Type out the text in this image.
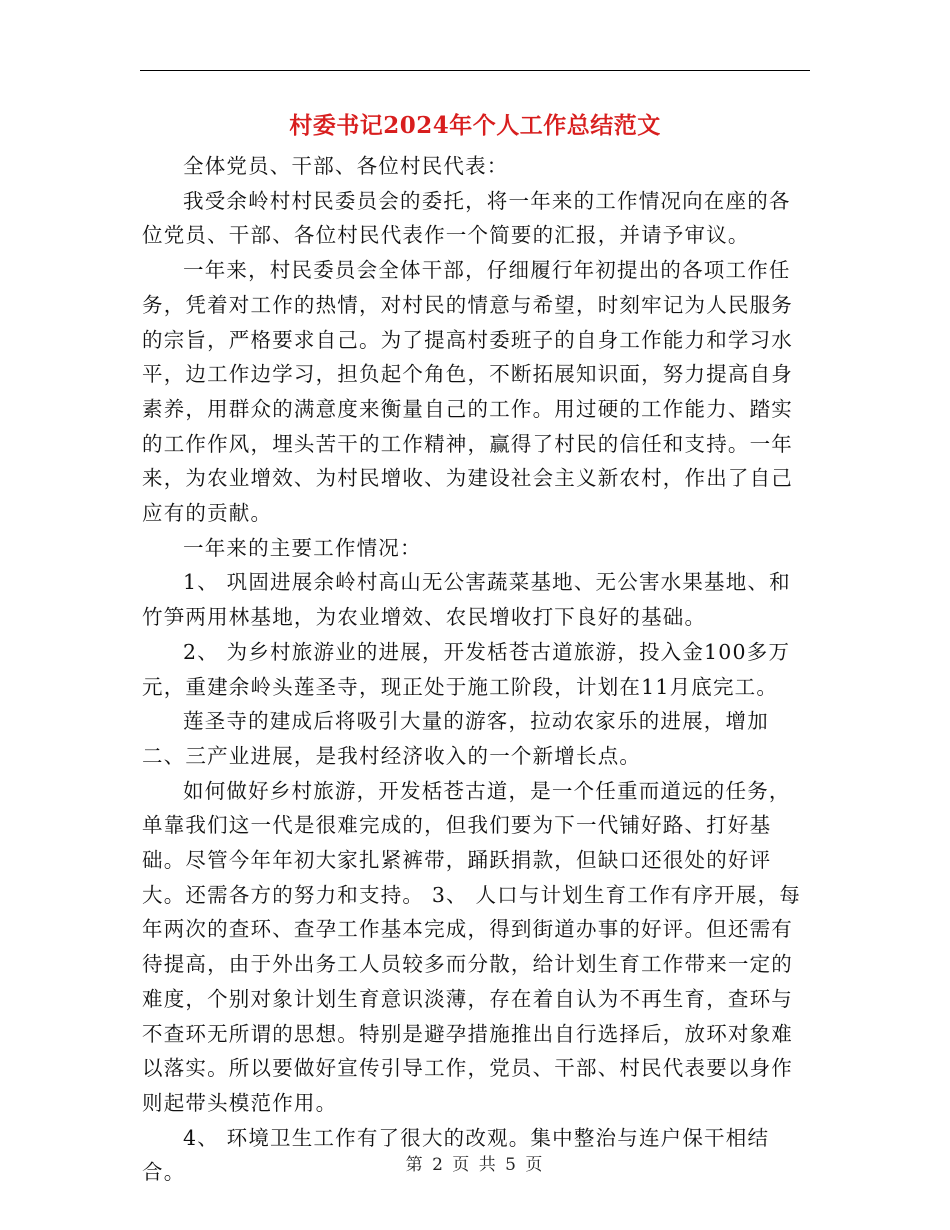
村委书记2024年个人工作总结范文

全体党员、干部、各位村民代表：

我受余岭村村民委员会的委托，将一年来的工作情况向在座的各位党员、干部、各位村民代表作一个简要的汇报，并请予审议。

一年来，村民委员会全体干部，仔细履行年初提出的各项工作任务，凭着对工作的热情，对村民的情意与希望，时刻牢记为人民服务的宗旨，严格要求自己。为了提高村委班子的自身工作能力和学习水平，边工作边学习，担负起个角色，不断拓展知识面，努力提高自身素养，用群众的满意度来衡量自己的工作。用过硬的工作能力、踏实的工作作风，埋头苦干的工作精神，赢得了村民的信任和支持。一年来，为农业增效、为村民增收、为建设社会主义新农村，作出了自己应有的贡献。

一年来的主要工作情况：

1、 巩固进展余岭村高山无公害蔬菜基地、无公害水果基地、和竹笋两用林基地，为农业增效、农民增收打下良好的基础。

2、 为乡村旅游业的进展，开发栝苍古道旅游，投入金100多万元，重建余岭头莲圣寺，现正处于施工阶段，计划在11月底完工。

莲圣寺的建成后将吸引大量的游客，拉动农家乐的进展，增加二、三产业进展，是我村经济收入的一个新增长点。

如何做好乡村旅游，开发栝苍古道，是一个任重而道远的任务，单靠我们这一代是很难完成的，但我们要为下一代铺好路、打好基础。尽管今年年初大家扎紧裤带，踊跃捐款，但缺口还很处的好评大。还需各方的努力和支持。 3、 人口与计划生育工作有序开展，每年两次的查环、查孕工作基本完成，得到街道办事的好评。但还需有待提高，由于外出务工人员较多而分散，给计划生育工作带来一定的难度，个别对象计划生育意识淡薄，存在着自认为不再生育，查环与不查环无所谓的思想。特别是避孕措施推出自行选择后，放环对象难以落实。所以要做好宣传引导工作，党员、干部、村民代表要以身作则起带头模范作用。

4、 环境卫生工作有了很大的改观。集中整治与连户保干相结合。	第 2 页 共 5 页
